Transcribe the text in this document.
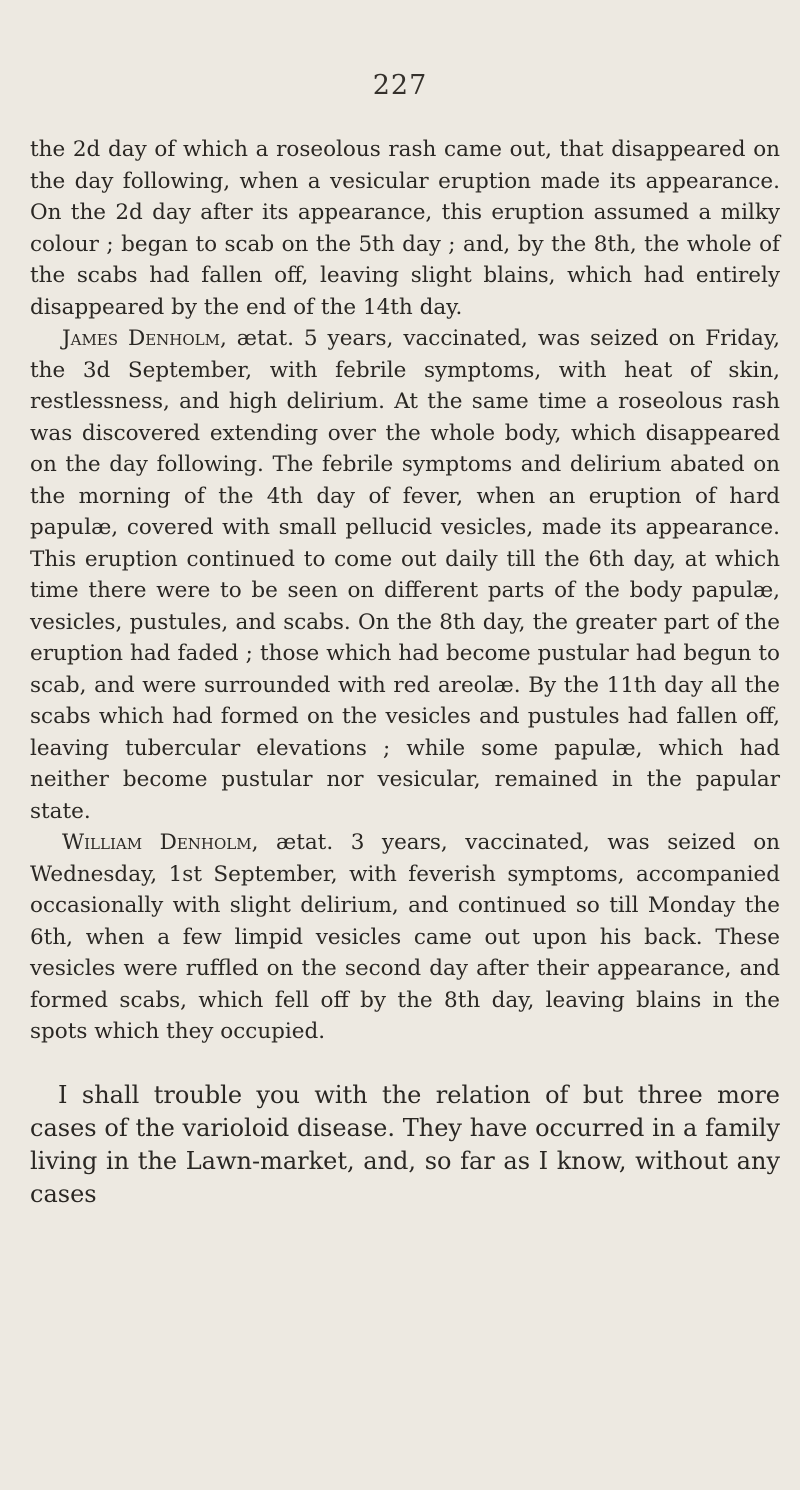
227

the 2d day of which a roseolous rash came out, that disappeared on the day following, when a vesicular eruption made its appearance. On the 2d day after its appearance, this eruption assumed a milky colour ; began to scab on the 5th day ; and, by the 8th, the whole of the scabs had fallen off, leaving slight blains, which had entirely disappeared by the end of the 14th day.

James Denholm, ætat. 5 years, vaccinated, was seized on Friday, the 3d September, with febrile symptoms, with heat of skin, restlessness, and high delirium. At the same time a roseolous rash was discovered extending over the whole body, which disappeared on the day following. The febrile symptoms and delirium abated on the morning of the 4th day of fever, when an eruption of hard papulæ, covered with small pellucid vesicles, made its appearance. This eruption continued to come out daily till the 6th day, at which time there were to be seen on different parts of the body papulæ, vesicles, pustules, and scabs. On the 8th day, the greater part of the eruption had faded ; those which had become pustular had begun to scab, and were surrounded with red areolæ. By the 11th day all the scabs which had formed on the vesicles and pustules had fallen off, leaving tubercular elevations ; while some papulæ, which had neither become pustular nor vesicular, remained in the papular state.

William Denholm, ætat. 3 years, vaccinated, was seized on Wednesday, 1st September, with feverish symptoms, accompanied occasionally with slight delirium, and continued so till Monday the 6th, when a few limpid vesicles came out upon his back. These vesicles were ruffled on the second day after their appearance, and formed scabs, which fell off by the 8th day, leaving blains in the spots which they occupied.

I shall trouble you with the relation of but three more cases of the varioloid disease. They have occurred in a family living in the Lawn-market, and, so far as I know, without any cases
